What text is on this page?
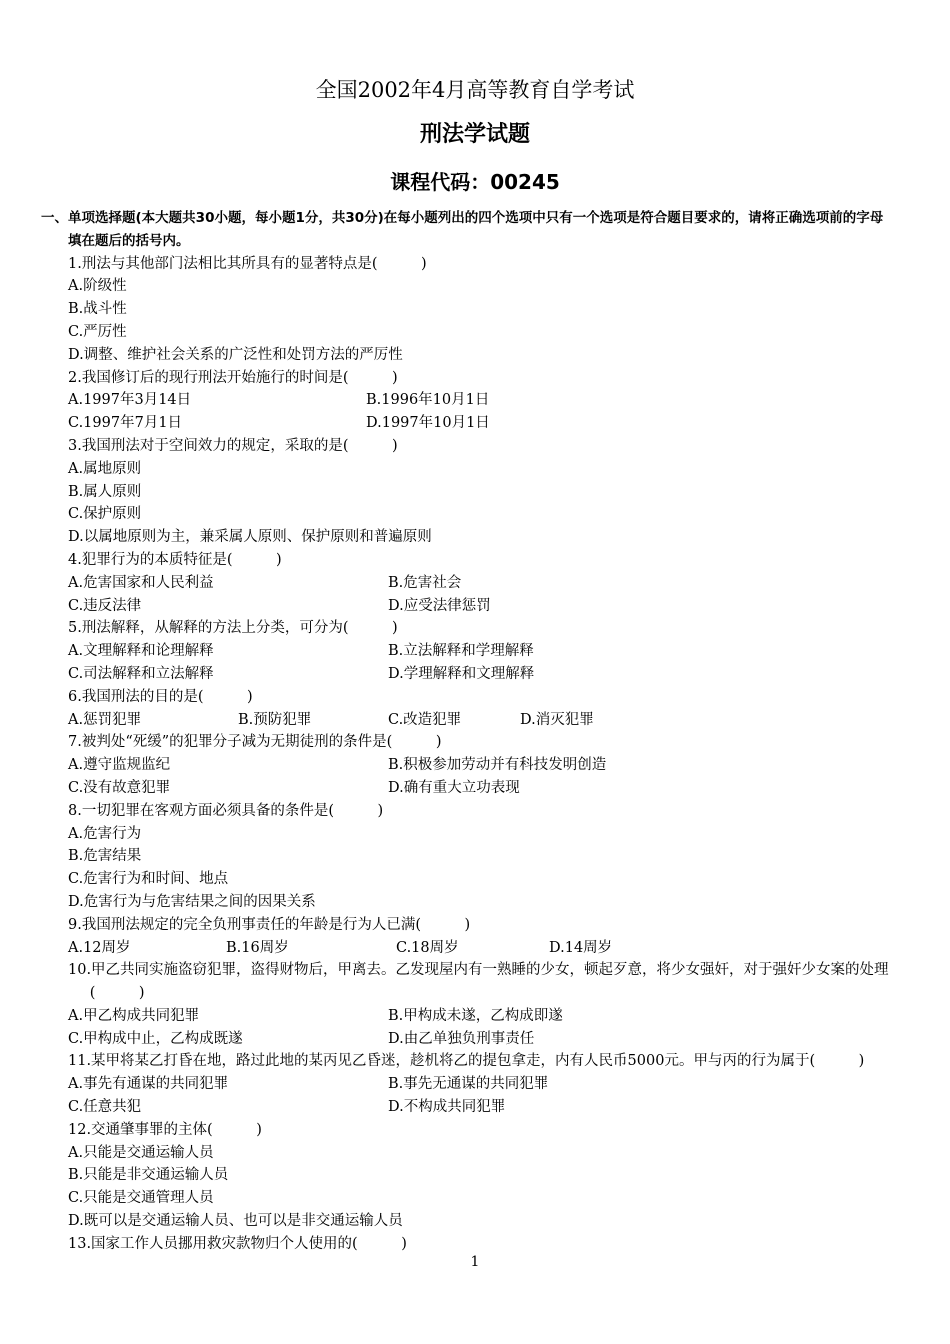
全国2002年4月高等教育自学考试
刑法学试题
课程代码：00245
一、单项选择题(本大题共30小题，每小题1分，共30分)在每小题列出的四个选项中只有一个选项是符合题目要求的，请将正确选项前的字母填在题后的括号内。
1.刑法与其他部门法相比其所具有的显著特点是(　　　)
A.阶级性
B.战斗性
C.严厉性
D.调整、维护社会关系的广泛性和处罚方法的严厉性
2.我国修订后的现行刑法开始施行的时间是(　　　)
A.1997年3月14日	B.1996年10月1日
C.1997年7月1日	D.1997年10月1日
3.我国刑法对于空间效力的规定，采取的是(　　　)
A.属地原则
B.属人原则
C.保护原则
D.以属地原则为主，兼采属人原则、保护原则和普遍原则
4.犯罪行为的本质特征是(　　　)
A.危害国家和人民利益	B.危害社会
C.违反法律	D.应受法律惩罚
5.刑法解释，从解释的方法上分类，可分为(　　　)
A.文理解释和论理解释	B.立法解释和学理解释
C.司法解释和立法解释	D.学理解释和文理解释
6.我国刑法的目的是(　　　)
A.惩罚犯罪	B.预防犯罪	C.改造犯罪	D.消灭犯罪
7.被判处“死缓”的犯罪分子减为无期徒刑的条件是(　　　)
A.遵守监规监纪	B.积极参加劳动并有科技发明创造
C.没有故意犯罪	D.确有重大立功表现
8.一切犯罪在客观方面必须具备的条件是(　　　)
A.危害行为
B.危害结果
C.危害行为和时间、地点
D.危害行为与危害结果之间的因果关系
9.我国刑法规定的完全负刑事责任的年龄是行为人已满(　　　)
A.12周岁	B.16周岁	C.18周岁	D.14周岁
10.甲乙共同实施盗窃犯罪，盗得财物后，甲离去。乙发现屋内有一熟睡的少女，顿起歹意，将少女强奸，对于强奸少女案的处理(　　　)
A.甲乙构成共同犯罪	B.甲构成未遂，乙构成即遂
C.甲构成中止，乙构成既遂	D.由乙单独负刑事责任
11.某甲将某乙打昏在地，路过此地的某丙见乙昏迷，趁机将乙的提包拿走，内有人民币5000元。甲与丙的行为属于(　　　)
A.事先有通谋的共同犯罪	B.事先无通谋的共同犯罪
C.任意共犯	D.不构成共同犯罪
12.交通肇事罪的主体(　　　)
A.只能是交通运输人员
B.只能是非交通运输人员
C.只能是交通管理人员
D.既可以是交通运输人员、也可以是非交通运输人员
13.国家工作人员挪用救灾款物归个人使用的(　　　)
1
